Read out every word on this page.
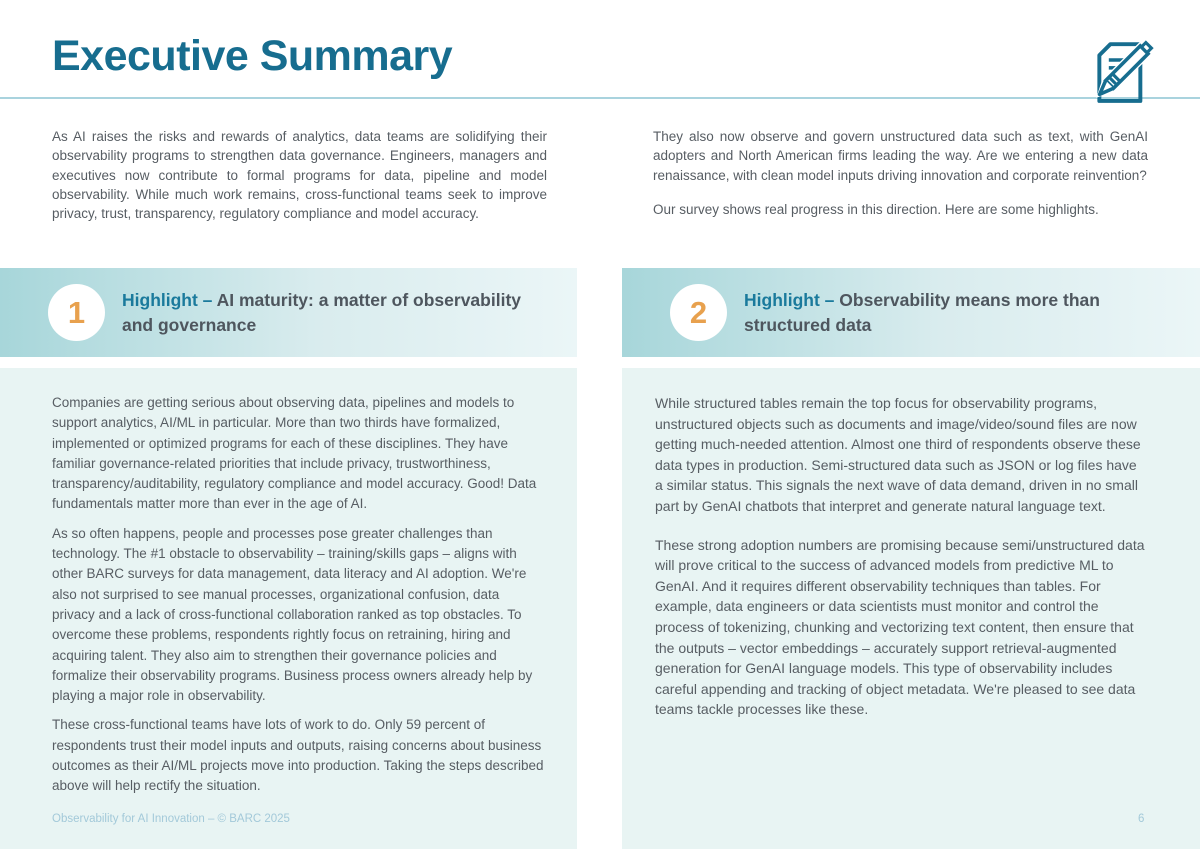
Executive Summary
As AI raises the risks and rewards of analytics, data teams are solidifying their observability programs to strengthen data governance. Engineers, managers and executives now contribute to formal programs for data, pipeline and model observability. While much work remains, cross-functional teams seek to improve privacy, trust, transparency, regulatory compliance and model accuracy.

They also now observe and govern unstructured data such as text, with GenAI adopters and North American firms leading the way. Are we entering a new data renaissance, with clean model inputs driving innovation and corporate reinvention?

Our survey shows real progress in this direction. Here are some highlights.

1 Highlight – AI maturity: a matter of observability and governance	2 Highlight – Observability means more than structured data

Companies are getting serious about observing data, pipelines and models to support analytics, AI/ML in particular. More than two thirds have formalized, implemented or optimized programs for each of these disciplines. They have familiar governance-related priorities that include privacy, trustworthiness, transparency/auditability, regulatory compliance and model accuracy. Good! Data fundamentals matter more than ever in the age of AI.

As so often happens, people and processes pose greater challenges than technology. The #1 obstacle to observability – training/skills gaps – aligns with other BARC surveys for data management, data literacy and AI adoption. We're also not surprised to see manual processes, organizational confusion, data privacy and a lack of cross-functional collaboration ranked as top obstacles. To overcome these problems, respondents rightly focus on retraining, hiring and acquiring talent. They also aim to strengthen their governance policies and formalize their observability programs. Business process owners already help by playing a major role in observability.

These cross-functional teams have lots of work to do. Only 59 percent of respondents trust their model inputs and outputs, raising concerns about business outcomes as their AI/ML projects move into production. Taking the steps described above will help rectify the situation.

While structured tables remain the top focus for observability programs, unstructured objects such as documents and image/video/sound files are now getting much-needed attention. Almost one third of respondents observe these data types in production. Semi-structured data such as JSON or log files have a similar status. This signals the next wave of data demand, driven in no small part by GenAI chatbots that interpret and generate natural language text.

These strong adoption numbers are promising because semi/unstructured data will prove critical to the success of advanced models from predictive ML to GenAI. And it requires different observability techniques than tables. For example, data engineers or data scientists must monitor and control the process of tokenizing, chunking and vectorizing text content, then ensure that the outputs – vector embeddings – accurately support retrieval-augmented generation for GenAI language models. This type of observability includes careful appending and tracking of object metadata. We're pleased to see data teams tackle processes like these.

Observability for AI Innovation – © BARC 2025	6
